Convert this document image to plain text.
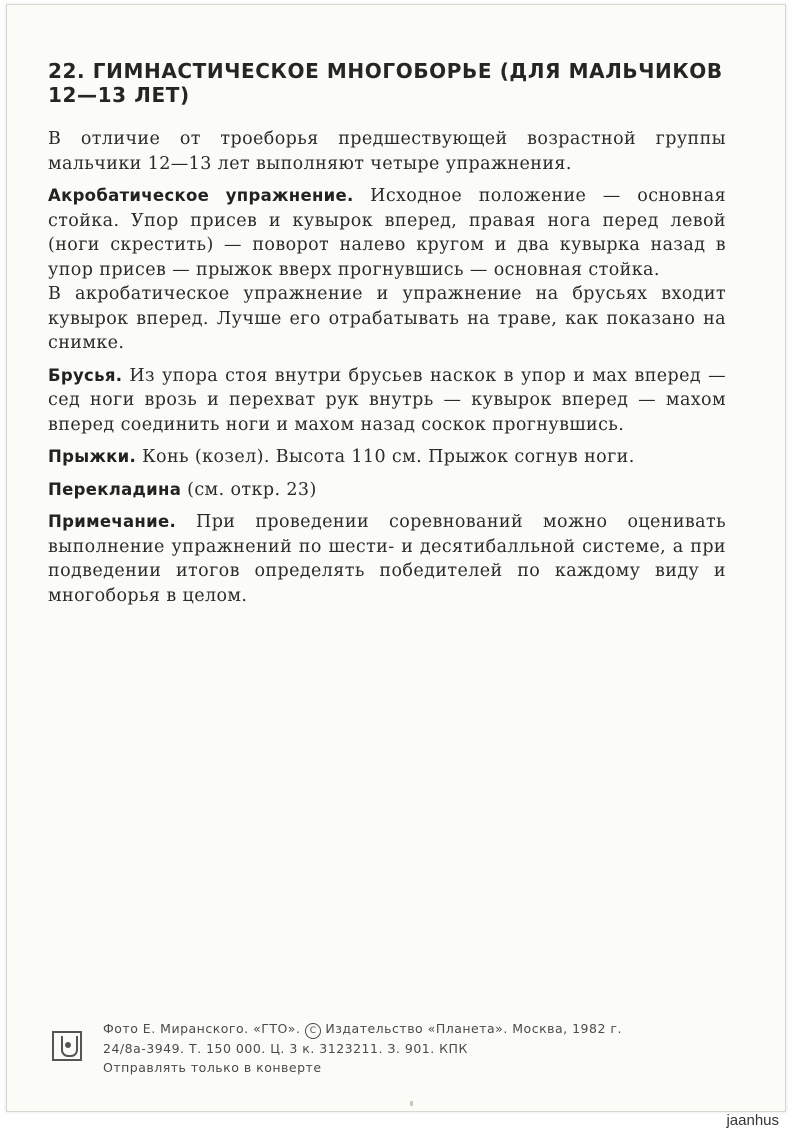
22. ГИМНАСТИЧЕСКОЕ МНОГОБОРЬЕ (ДЛЯ МАЛЬЧИКОВ
12—13 ЛЕТ)

В отличие от троеборья предшествующей возрастной группы мальчики 12—13 лет выполняют четыре упражнения.

Акробатическое упражнение. Исходное положение — основная стойка. Упор присев и кувырок вперед, правая нога перед левой (ноги скрестить) — поворот налево кругом и два кувырка назад в упор присев — прыжок вверх прогнувшись — основная стойка.

В акробатическое упражнение и упражнение на брусьях входит кувырок вперед. Лучше его отрабатывать на траве, как показано на снимке.

Брусья. Из упора стоя внутри брусьев наскок в упор и мах вперед — сед ноги врозь и перехват рук внутрь — кувырок вперед — махом вперед соединить ноги и махом назад соскок прогнувшись.

Прыжки. Конь (козел). Высота 110 см. Прыжок согнув ноги.

Перекладина (см. откр. 23)

Примечание. При проведении соревнований можно оценивать выполнение упражнений по шести- и десятибалльной системе, а при подведении итогов определять победителей по каждому виду и многоборья в целом.

Фото Е. Миранского. «ГТО». C Издательство «Планета». Москва, 1982 г.
24/8а-3949. Т. 150 000. Ц. 3 к. 3123211. З. 901. КПК
Отправлять только в конверте
jaanhus
